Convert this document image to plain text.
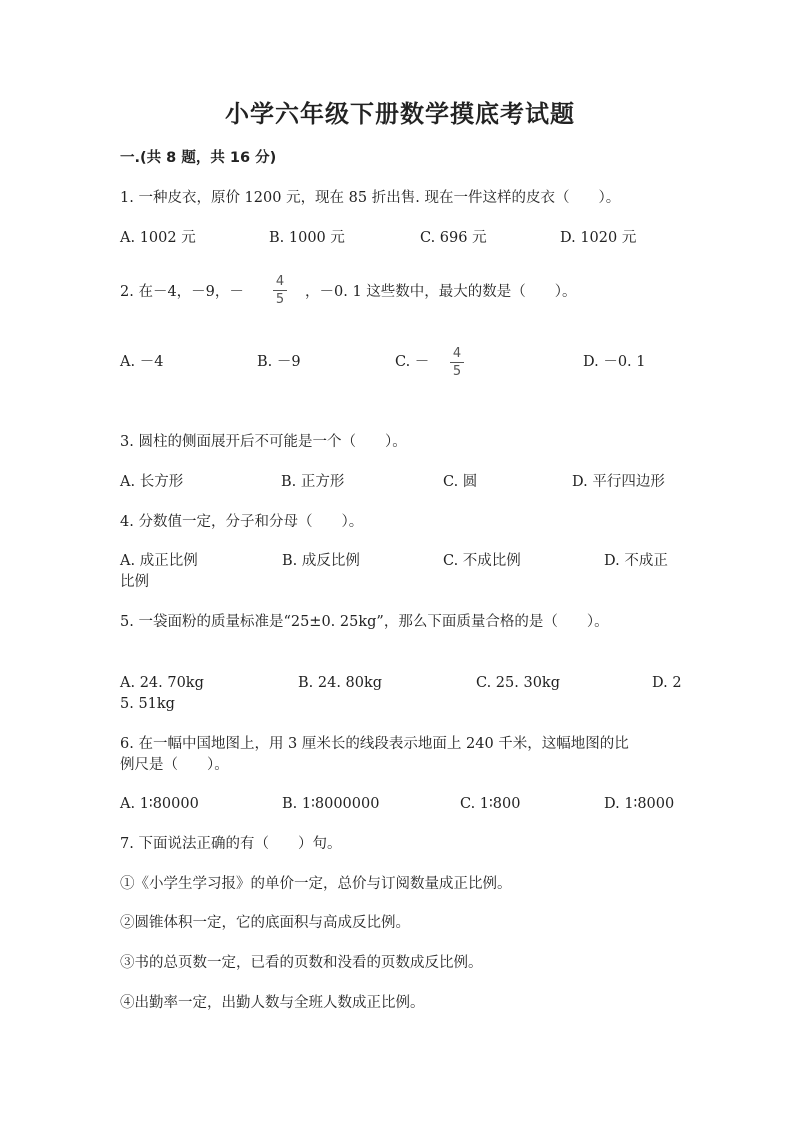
小学六年级下册数学摸底考试题
一.(共 8 题，共 16 分)
1. 一种皮衣，原价 1200 元，现在 85 折出售. 现在一件这样的皮衣（　　）。
A. 1002 元	B. 1000 元	C. 696 元	D. 1020 元
2. 在－4，－9，－
4
5 ，－0. 1 这些数中，最大的数是（　　）。
A. －4	B. －9	C. －
4
5
D. －0. 1
3. 圆柱的侧面展开后不可能是一个（　　）。
A. 长方形	B. 正方形	C. 圆	D. 平行四边形
4. 分数值一定，分子和分母（　　）。
A. 成正比例	B. 成反比例	C. 不成比例	D. 不成正
比例
5. 一袋面粉的质量标准是“25±0. 25kg”，那么下面质量合格的是（　　）。
A. 24. 70kg	B. 24. 80kg	C. 25. 30kg	D. 2
5. 51kg
6. 在一幅中国地图上，用 3 厘米长的线段表示地面上 240 千米，这幅地图的比
例尺是（　　）。
A. 1∶80000	B. 1∶8000000	C. 1∶800	D. 1∶8000
7. 下面说法正确的有（　　）句。
①《小学生学习报》的单价一定，总价与订阅数量成正比例。
②圆锥体积一定，它的底面积与高成反比例。
③书的总页数一定，已看的页数和没看的页数成反比例。
④出勤率一定，出勤人数与全班人数成正比例。
